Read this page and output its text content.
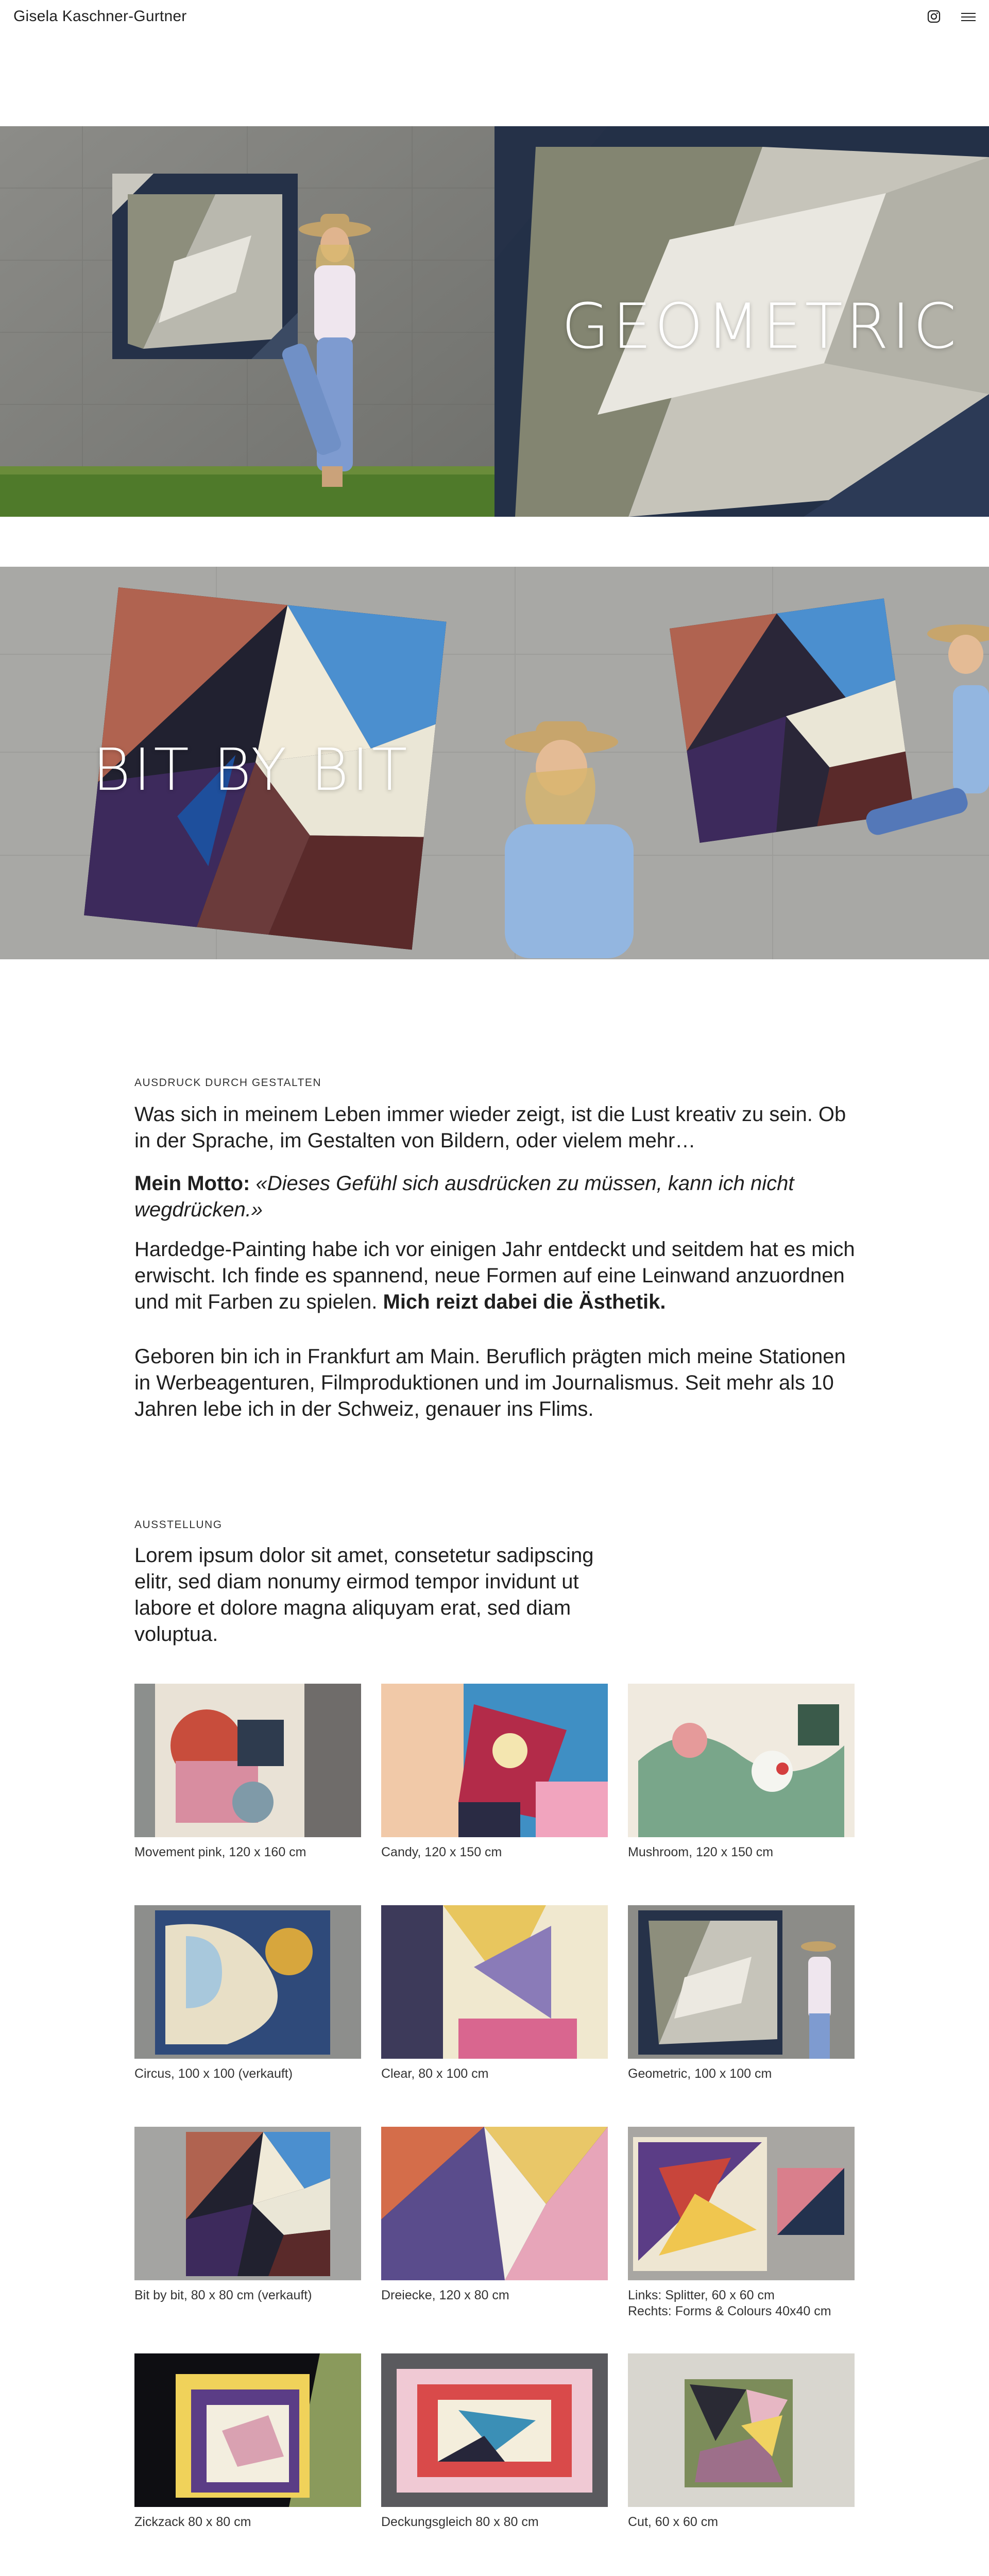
Gisela Kaschner-Gurtner
GEOMETRIC
BIT BY BIT
AUSDRUCK DURCH GESTALTEN
Was sich in meinem Leben immer wieder zeigt, ist die Lust kreativ zu sein. Ob in der Sprache, im Gestalten von Bildern, oder vielem mehr…
Mein Motto: «Dieses Gefühl sich ausdrücken zu müssen, kann ich nicht wegdrücken.»
Hardedge-Painting habe ich vor einigen Jahr entdeckt und seitdem hat es mich erwischt. Ich finde es spannend, neue Formen auf eine Leinwand anzuordnen und mit Farben zu spielen. Mich reizt dabei die Ästhetik.
Geboren bin ich in Frankfurt am Main. Beruflich prägten mich meine Stationen in Werbeagenturen, Filmproduktionen und im Journalismus. Seit mehr als 10 Jahren lebe ich in der Schweiz, genauer ins Flims.
AUSSTELLUNG
Lorem ipsum dolor sit amet, consetetur sadipscing elitr, sed diam nonumy eirmod tempor invidunt ut labore et dolore magna aliquyam erat, sed diam voluptua.
Movement pink, 120 x 160 cm	Candy, 120 x 150 cm	Mushroom, 120 x 150 cm
Circus, 100 x 100 (verkauft)	Clear, 80 x 100 cm	Geometric, 100 x 100 cm
Bit by bit, 80 x 80 cm (verkauft)	Dreiecke, 120 x 80 cm	Links: Splitter, 60 x 60 cm
Rechts: Forms & Colours 40x40 cm
Zickzack 80 x 80 cm	Deckungsgleich 80 x 80 cm	Cut, 60 x 60 cm
